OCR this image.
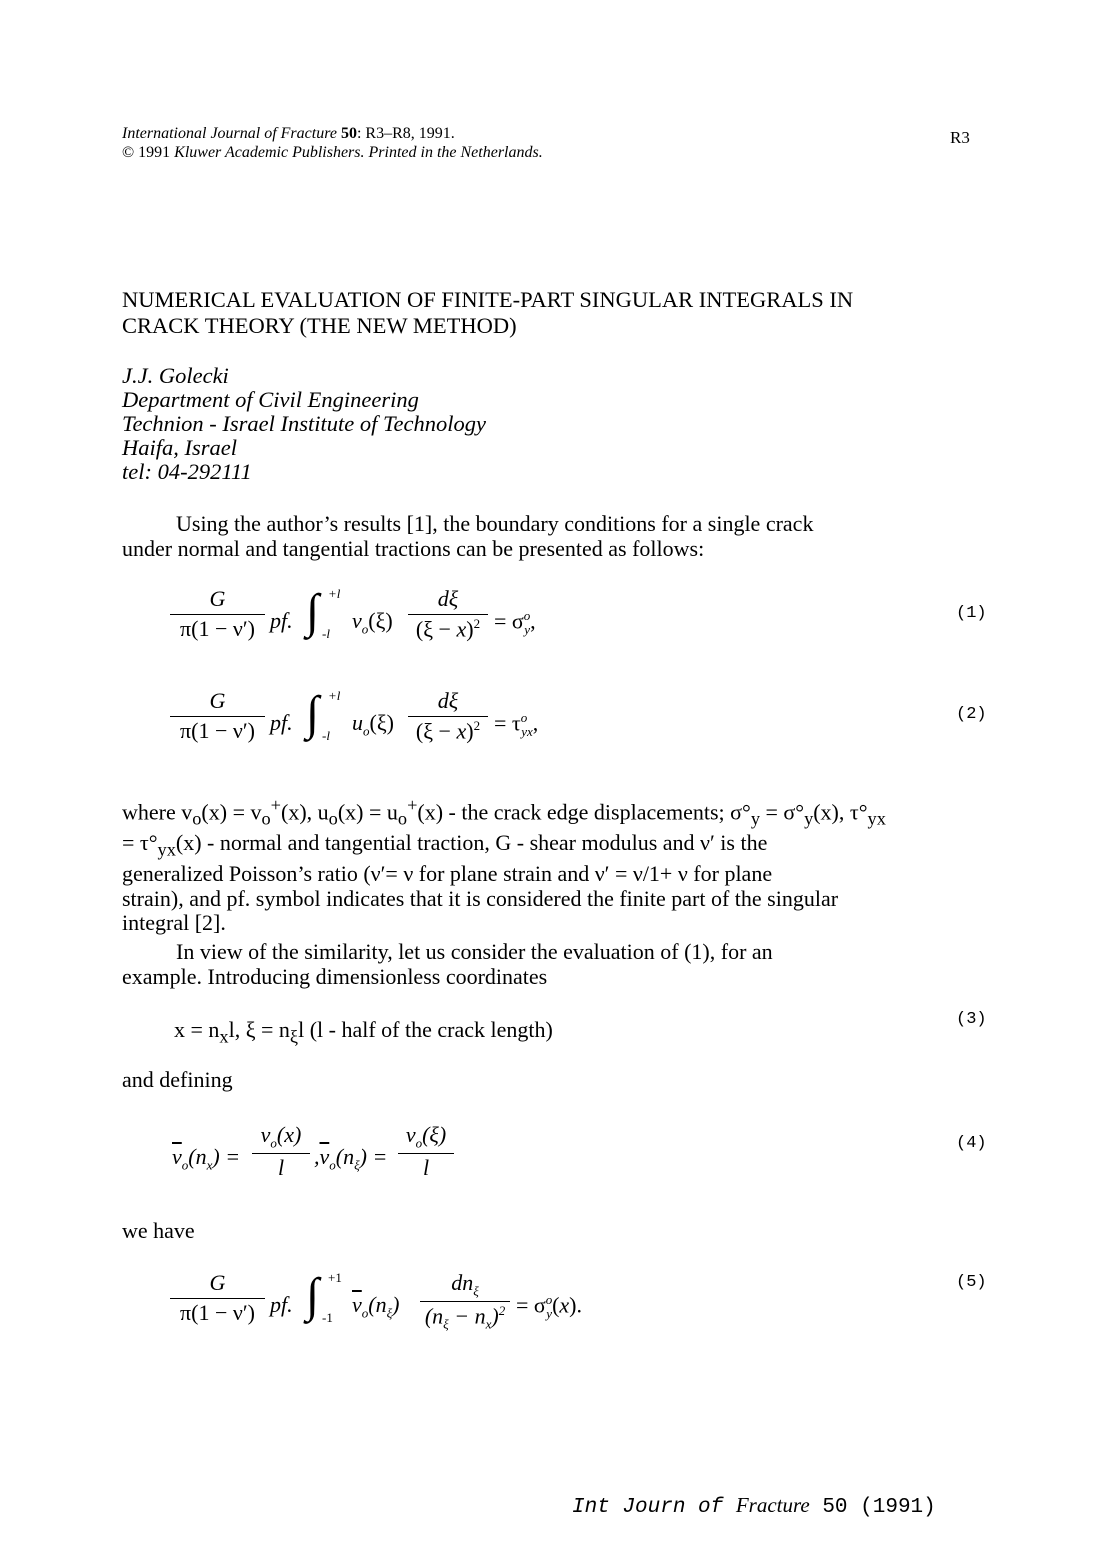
International Journal of Fracture 50: R3–R8, 1991.
© 1991 Kluwer Academic Publishers. Printed in the Netherlands.
R3
NUMERICAL EVALUATION OF FINITE-PART SINGULAR INTEGRALS IN
CRACK THEORY (THE NEW METHOD)
J.J. Golecki
Department of Civil Engineering
Technion - Israel Institute of Technology
Haifa, Israel
tel: 04-292111
Using the author’s results [1], the boundary conditions for a single crack
under normal and tangential tractions can be presented as follows:
G
π(1 − ν′) pf. ∫ +l
-l
$v_o(\xi)$
dξ
$(\xi - x)^2 = \sigma^o_y$,	(1)
G
π(1 − ν′) pf. ∫ +l
-l
$u_o(\xi)$
dξ
$(\xi - x)^2 = \tau^o_{yx}$,	(2)
where $v_o(x) = v_o^+(x)$, $u_o(x) = u_o^+(x)$ - the crack edge displacements; $\sigma^\circ_y = \sigma^\circ_y(x)$, $\tau^\circ_{yx}$
= $\tau^\circ_{yx}(x)$ - normal and tangential traction, G - shear modulus and ν′ is the
generalized Poisson’s ratio (ν′= ν for plane strain and ν′ = ν/1+ ν for plane
strain), and pf. symbol indicates that it is considered the finite part of the singular
integral [2].
In view of the similarity, let us consider the evaluation of (1), for an
example. Introducing dimensionless coordinates
$x = n_xl$, $\xi = n_\xi l$ (l - half of the crack length)	(3)
and defining
$\overline{v}_o(n_x)$ =
$v_o(x)$
l	$,\overline{v}_o(n_\xi)$ =
$v_o(\xi)$
l
(4)
we have
G
π(1 − ν′) pf. ∫ +1
-1
$\overline{v}_o(n_\xi)$
$dn_\xi$
$(n_\xi - n_x)^2 = \sigma^o_y(x)$.
(5)
Int Journ of Fracture 50 (1991)
